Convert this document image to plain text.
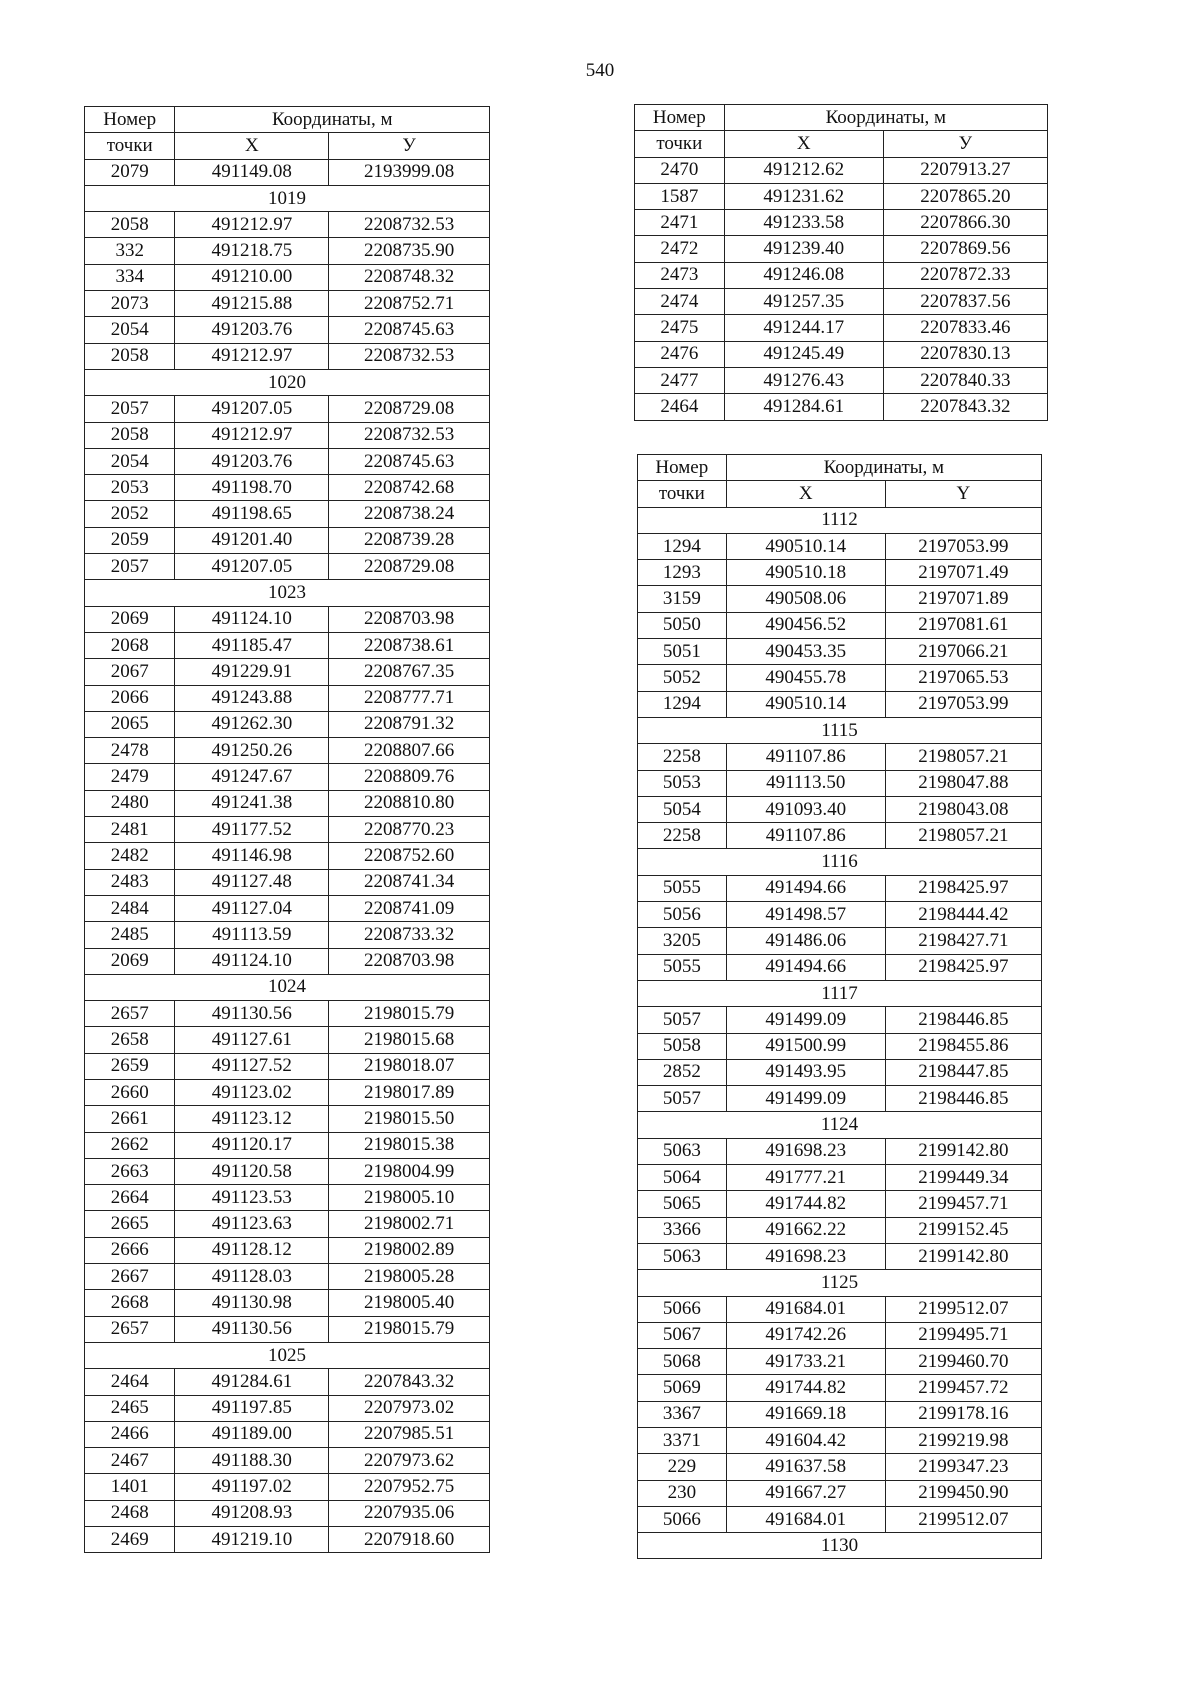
540
Номер	Координаты, м	
точки	X	У
2079	491149.08	2193999.08
1019		
2058	491212.97	2208732.53
332	491218.75	2208735.90
334	491210.00	2208748.32
2073	491215.88	2208752.71
2054	491203.76	2208745.63
2058	491212.97	2208732.53
1020		
2057	491207.05	2208729.08
2058	491212.97	2208732.53
2054	491203.76	2208745.63
2053	491198.70	2208742.68
2052	491198.65	2208738.24
2059	491201.40	2208739.28
2057	491207.05	2208729.08
1023		
2069	491124.10	2208703.98
2068	491185.47	2208738.61
2067	491229.91	2208767.35
2066	491243.88	2208777.71
2065	491262.30	2208791.32
2478	491250.26	2208807.66
2479	491247.67	2208809.76
2480	491241.38	2208810.80
2481	491177.52	2208770.23
2482	491146.98	2208752.60
2483	491127.48	2208741.34
2484	491127.04	2208741.09
2485	491113.59	2208733.32
2069	491124.10	2208703.98
1024		
2657	491130.56	2198015.79
2658	491127.61	2198015.68
2659	491127.52	2198018.07
2660	491123.02	2198017.89
2661	491123.12	2198015.50
2662	491120.17	2198015.38
2663	491120.58	2198004.99
2664	491123.53	2198005.10
2665	491123.63	2198002.71
2666	491128.12	2198002.89
2667	491128.03	2198005.28
2668	491130.98	2198005.40
2657	491130.56	2198015.79
1025		
2464	491284.61	2207843.32
2465	491197.85	2207973.02
2466	491189.00	2207985.51
2467	491188.30	2207973.62
1401	491197.02	2207952.75
2468	491208.93	2207935.06
2469	491219.10	2207918.60
Номер	Координаты, м	
точки	X	У
2470	491212.62	2207913.27
1587	491231.62	2207865.20
2471	491233.58	2207866.30
2472	491239.40	2207869.56
2473	491246.08	2207872.33
2474	491257.35	2207837.56
2475	491244.17	2207833.46
2476	491245.49	2207830.13
2477	491276.43	2207840.33
2464	491284.61	2207843.32
Номер	Координаты, м	
точки	X	Y
1112		
1294	490510.14	2197053.99
1293	490510.18	2197071.49
3159	490508.06	2197071.89
5050	490456.52	2197081.61
5051	490453.35	2197066.21
5052	490455.78	2197065.53
1294	490510.14	2197053.99
1115		
2258	491107.86	2198057.21
5053	491113.50	2198047.88
5054	491093.40	2198043.08
2258	491107.86	2198057.21
1116		
5055	491494.66	2198425.97
5056	491498.57	2198444.42
3205	491486.06	2198427.71
5055	491494.66	2198425.97
1117		
5057	491499.09	2198446.85
5058	491500.99	2198455.86
2852	491493.95	2198447.85
5057	491499.09	2198446.85
1124		
5063	491698.23	2199142.80
5064	491777.21	2199449.34
5065	491744.82	2199457.71
3366	491662.22	2199152.45
5063	491698.23	2199142.80
1125		
5066	491684.01	2199512.07
5067	491742.26	2199495.71
5068	491733.21	2199460.70
5069	491744.82	2199457.72
3367	491669.18	2199178.16
3371	491604.42	2199219.98
229	491637.58	2199347.23
230	491667.27	2199450.90
5066	491684.01	2199512.07
1130		
